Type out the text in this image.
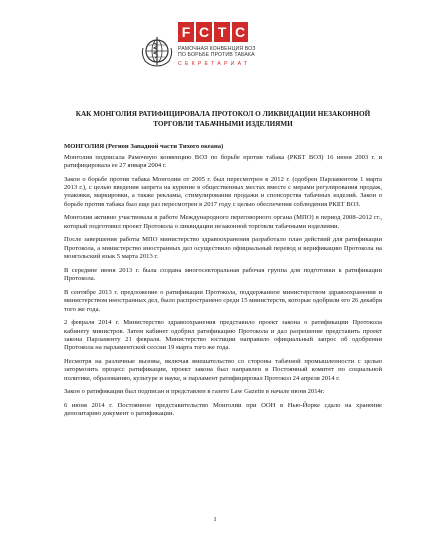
F C T C
РАМОЧНАЯ КОНВЕНЦИЯ ВОЗ
ПО БОРЬБЕ ПРОТИВ ТАБАКА
СЕКРЕТАРИАТ
КАК МОНГОЛИЯ РАТИФИЦИРОВАЛА ПРОТОКОЛ О ЛИКВИДАЦИИ НЕЗАКОННОЙ
ТОРГОВЛИ ТАБАЧНЫМИ ИЗДЕЛИЯМИ
МОНГОЛИЯ (Регион Западной части Тихого океана)

Монголия подписала Рамочную конвенцию ВОЗ по борьбе против табака (РКБТ ВОЗ) 16 июня 2003 г. и ратифицировала ее 27 января 2004 г.

Закон о борьбе против табака Монголии от 2005 г. был пересмотрен в 2012 г. (одобрен Парламентом 1 марта 2013 г.), с целью введения запрета на курение в общественных местах вместе с мерами регулирования продаж, упаковки, маркировки, а также рекламы, стимулирования продажи и спонсорства табачных изделий. Закон о борьбе против табака был еще раз пересмотрен в 2017 году с целью обеспечения соблюдения РКБТ ВОЗ.

Монголия активно участвовала в работе Международного переговорного органа (МПО) в период 2008–2012 гг., который подготовил проект Протокола о ликвидации незаконной торговли табачными изделиями.

После завершения работы МПО министерство здравоохранения разработало план действий для ратификации Протокола, а министерство иностранных дел осуществило официальный перевод и верификацию Протокола на монгольский язык 5 марта 2013 г.

В середине июня 2013 г. была создана многосекторальная рабочая группа для подготовки к ратификации Протокола.

В сентябре 2013 г. предложение о ратификации Протокола, поддержанное министерством здравоохранения и министерством иностранных дел, было распространено среди 15 министерств, которые одобрили его 26 декабря того же года.

2 февраля 2014 г. Министерство здравоохранения представило проект закона о ратификации Протокола кабинету министров. Затем кабинет одобрил ратификацию Протокола и дал разрешение представить проект закона Парламенту 21 февраля. Министерство юстиции направило официальный запрос об одобрении Протокола на парламентской сессии 19 марта того же года.

Несмотря на различные вызовы, включая вмешательство со стороны табачной промышленности с целью затормозить процесс ратификации, проект закона был направлен в Постоянный комитет по социальной политике, образованию, культуре и науке, и парламент ратифицировал Протокол 24 апреля 2014 г.

Закон о ратификации был подписан и представлен в газете Law Gazette в начале июня 2014г.

6 июня 2014 г. Постоянное представительство Монголии при ООН в Нью-Йорке сдало на хранение депозитарию документ о ратификации.

1
